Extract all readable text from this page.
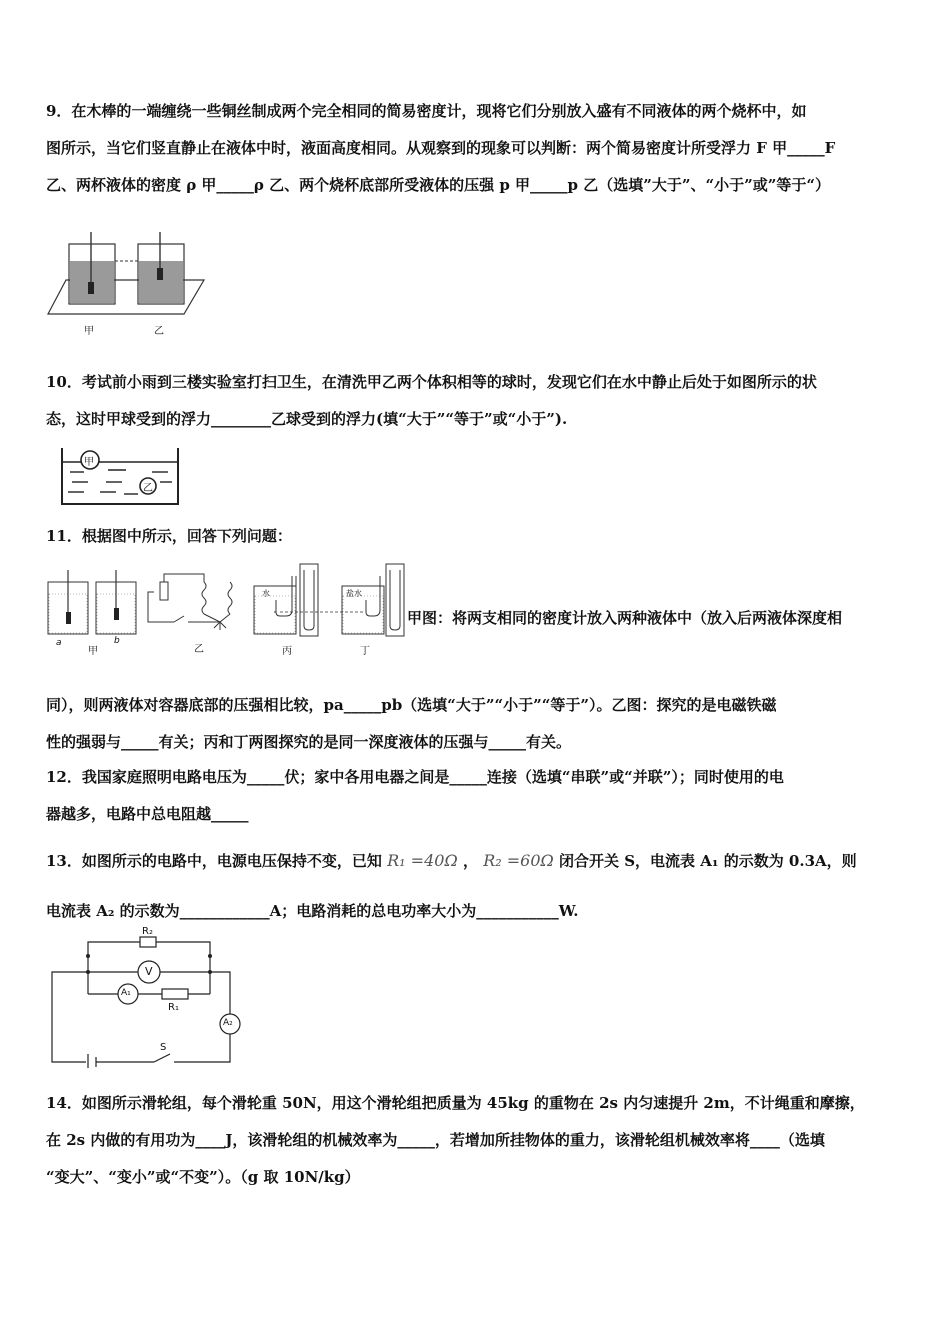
9．在木棒的一端缠绕一些铜丝制成两个完全相同的简易密度计，现将它们分别放入盛有不同液体的两个烧杯中，如
图所示，当它们竖直静止在液体中时，液面高度相同。从观察到的现象可以判断：两个简易密度计所受浮力 F 甲_____F
乙、两杯液体的密度 ρ 甲_____ρ 乙、两个烧杯底部所受液体的压强 p 甲_____p 乙（选填”大于”、“小于”或”等于“）
甲	乙
10．考试前小雨到三楼实验室打扫卫生，在清洗甲乙两个体积相等的球时，发现它们在水中静止后处于如图所示的状
态，这时甲球受到的浮力________乙球受到的浮力(填“大于”“等于”或“小于”).
甲
乙
11．根据图中所示，回答下列问题：
a	b
甲	乙	丙	丁
水	盐水
甲图：将两支相同的密度计放入两种液体中（放入后两液体深度相
同），则两液体对容器底部的压强相比较，pa_____pb（选填“大于”“小于”“等于”）。乙图：探究的是电磁铁磁
性的强弱与_____有关；丙和丁两图探究的是同一深度液体的压强与_____有关。
12．我国家庭照明电路电压为_____伏；家中各用电器之间是_____连接（选填“串联”或“并联”）；同时使用的电
器越多，电路中总电阻越_____
13．如图所示的电路中，电源电压保持不变，已知 R₁ =40Ω ， R₂ =60Ω 闭合开关 S，电流表 A₁ 的示数为 0.3A，则
电流表 A₂ 的示数为____________A；电路消耗的总电功率大小为___________W.
R₂
V
A₁
R₁
A₂
S
14．如图所示滑轮组，每个滑轮重 50N，用这个滑轮组把质量为 45kg 的重物在 2s 内匀速提升 2m，不计绳重和摩擦，
在 2s 内做的有用功为____J，该滑轮组的机械效率为_____，若增加所挂物体的重力，该滑轮组机械效率将____（选填
“变大”、“变小”或“不变”）。（g 取 10N/kg）
